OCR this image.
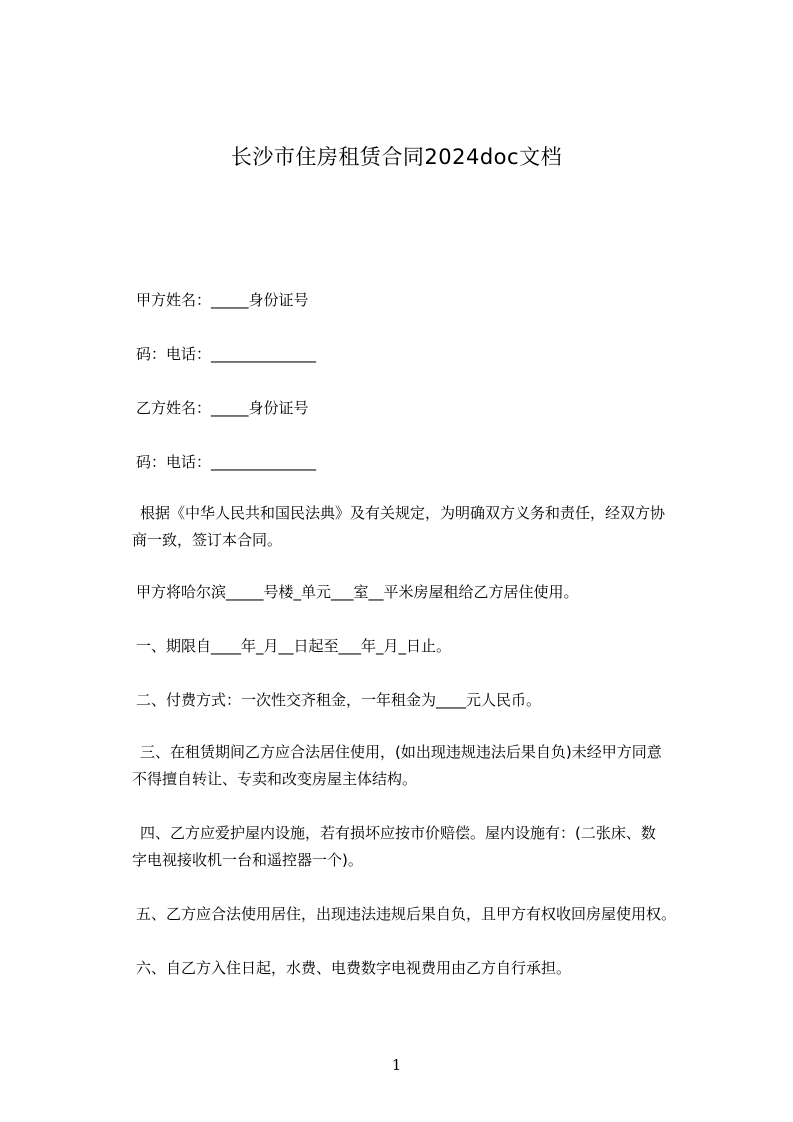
长沙市住房租赁合同2024doc文档
甲方姓名：_____身份证号
码：电话：______________
乙方姓名：_____身份证号
码：电话：______________
根据《中华人民共和国民法典》及有关规定，为明确双方义务和责任，经双方协
商一致，签订本合同。
甲方将哈尔滨_____号楼_单元___室__平米房屋租给乙方居住使用。
一、期限自____年_月__日起至___年_月_日止。
二、付费方式：一次性交齐租金，一年租金为____元人民币。
三、在租赁期间乙方应合法居住使用，(如出现违规违法后果自负)未经甲方同意
不得擅自转让、专卖和改变房屋主体结构。
四、乙方应爱护屋内设施，若有损坏应按市价赔偿。屋内设施有：(二张床、数
字电视接收机一台和遥控器一个)。
五、乙方应合法使用居住，出现违法违规后果自负，且甲方有权收回房屋使用权。
六、自乙方入住日起，水费、电费数字电视费用由乙方自行承担。
1
